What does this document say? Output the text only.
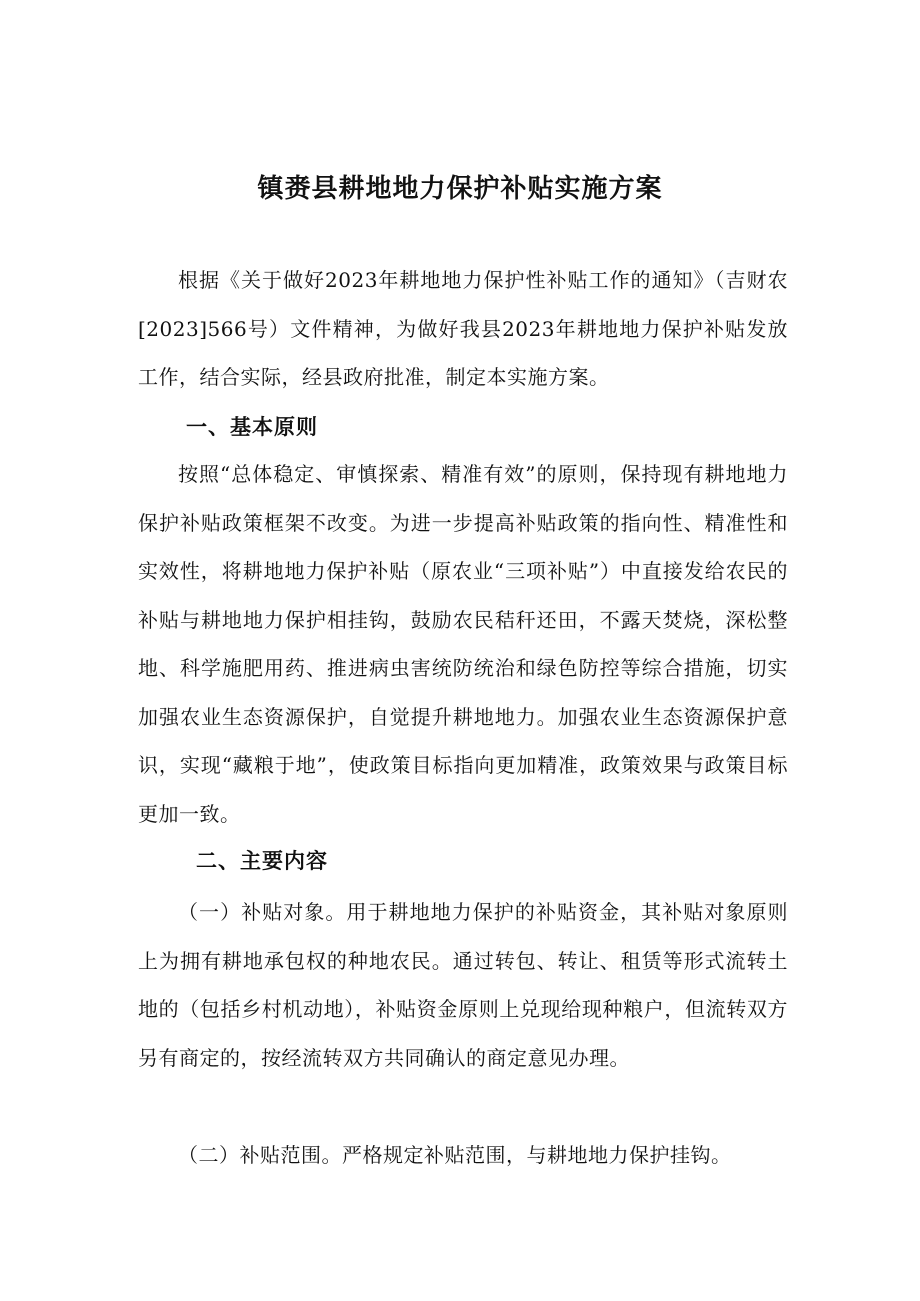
镇赉县耕地地力保护补贴实施方案

根据《关于做好2023年耕地地力保护性补贴工作的通知》（吉财农[2023]566号）文件精神，为做好我县2023年耕地地力保护补贴发放工作，结合实际，经县政府批准，制定本实施方案。

一、基本原则

按照“总体稳定、审慎探索、精准有效”的原则，保持现有耕地地力保护补贴政策框架不改变。为进一步提高补贴政策的指向性、精准性和实效性，将耕地地力保护补贴（原农业“三项补贴”）中直接发给农民的补贴与耕地地力保护相挂钩，鼓励农民秸秆还田，不露天焚烧，深松整地、科学施肥用药、推进病虫害统防统治和绿色防控等综合措施，切实加强农业生态资源保护，自觉提升耕地地力。加强农业生态资源保护意识，实现“藏粮于地”，使政策目标指向更加精准，政策效果与政策目标更加一致。

二、主要内容

（一）补贴对象。用于耕地地力保护的补贴资金，其补贴对象原则上为拥有耕地承包权的种地农民。通过转包、转让、租赁等形式流转土地的（包括乡村机动地），补贴资金原则上兑现给现种粮户，但流转双方另有商定的，按经流转双方共同确认的商定意见办理。

（二）补贴范围。严格规定补贴范围，与耕地地力保护挂钩。
